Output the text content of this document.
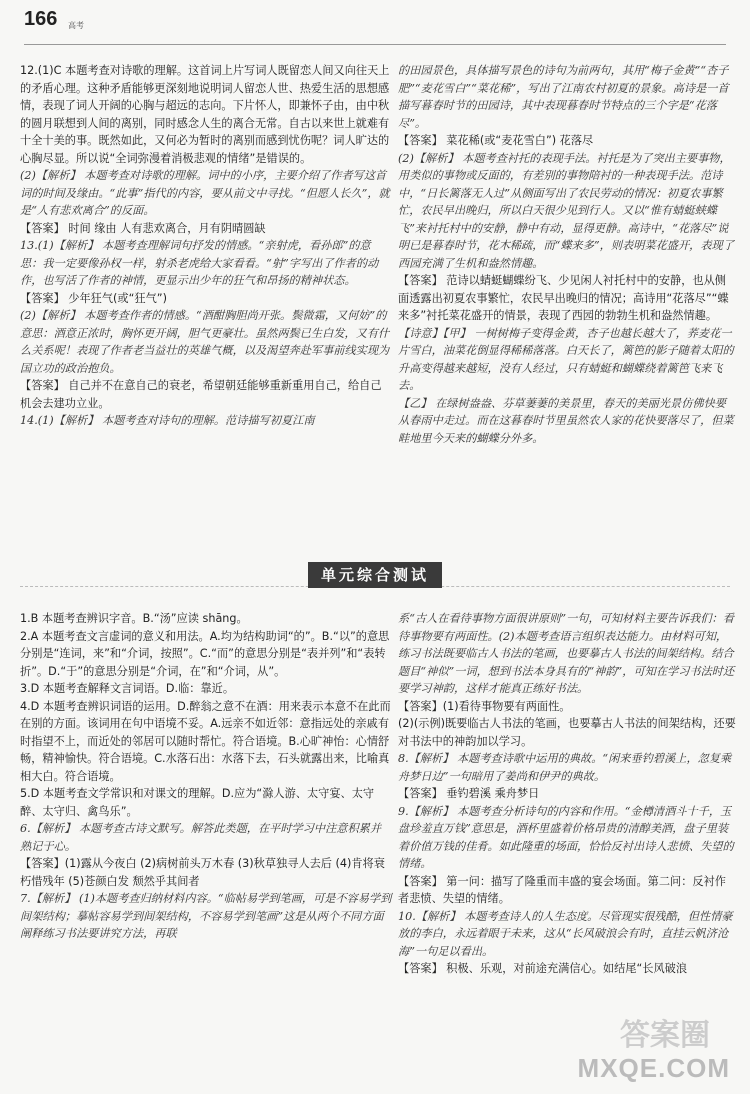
166 高考

12.(1)C 本题考查对诗歌的理解。这首词上片写词人既留恋人间又向往天上的矛盾心理。这种矛盾能够更深刻地说明词人留恋人世、热爱生活的思想感情，表现了词人开阔的心胸与超远的志向。下片怀人，即兼怀子由，由中秋的圆月联想到人间的离别，同时感念人生的离合无常。自古以来世上就难有十全十美的事。既然如此，又何必为暂时的离别而感到忧伤呢？词人旷达的心胸尽显。所以说“全词弥漫着消极悲观的情绪”是错误的。

(2)【解析】 本题考查对诗歌的理解。词中的小序，主要介绍了作者写这首词的时间及缘由。“此事”指代的内容，要从前文中寻找。“但愿人长久”，就是“人有悲欢离合”的反面。

【答案】 时间 缘由 人有悲欢离合，月有阴晴圆缺

13.(1)【解析】 本题考查理解词句抒发的情感。“亲射虎，看孙郎”的意思：我一定要像孙权一样，射杀老虎给大家看看。“射”字写出了作者的动作，也写活了作者的神情，更显示出少年的狂气和昂扬的精神状态。

【答案】 少年狂气(或“狂气”)

(2)【解析】 本题考查作者的情感。“酒酣胸胆尚开张。鬓微霜，又何妨”的意思：酒意正浓时，胸怀更开阔，胆气更豪壮。虽然两鬓已生白发，又有什么关系呢！表现了作者老当益壮的英雄气概，以及渴望奔赴军事前线实现为国立功的政治抱负。

【答案】 自己并不在意自己的衰老，希望朝廷能够重新重用自己，给自己机会去建功立业。

14.(1)【解析】 本题考查对诗句的理解。范诗描写初夏江南

的田园景色，具体描写景色的诗句为前两句，其用“梅子金黄”“杏子肥”“麦花雪白”“菜花稀”，写出了江南农村初夏的景象。高诗是一首描写暮春时节的田园诗，其中表现暮春时节特点的三个字是“花落尽”。

【答案】 菜花稀(或“麦花雪白”) 花落尽

(2)【解析】 本题考查衬托的表现手法。衬托是为了突出主要事物，用类似的事物或反面的，有差别的事物陪衬的一种表现手法。范诗中，“日长篱落无人过”从侧面写出了农民劳动的情况：初夏农事繁忙，农民早出晚归，所以白天很少见到行人。又以“惟有蜻蜓蛱蝶飞”来衬托村中的安静，静中有动，显得更静。高诗中，“花落尽”说明已是暮春时节，花木稀疏，而“蝶来多”，则表明菜花盛开，表现了西园充满了生机和盎然情趣。

【答案】 范诗以蜻蜓蝴蝶纷飞、少见闲人衬托村中的安静，也从侧面透露出初夏农事繁忙，农民早出晚归的情况；高诗用“花落尽”“蝶来多”衬托菜花盛开的情景，表现了西园的勃勃生机和盎然情趣。

【诗意】【甲】 一树树梅子变得金黄，杏子也越长越大了，荞麦花一片雪白，油菜花倒显得稀稀落落。白天长了，篱笆的影子随着太阳的升高变得越来越短，没有人经过，只有蜻蜓和蝴蝶绕着篱笆飞来飞去。

【乙】 在绿树盎盎、芬草萋萋的美景里，春天的美丽光景仿佛快要从春雨中走过。而在这暮春时节里虽然农人家的花快要落尽了，但菜畦地里今天来的蝴蝶分外多。

单元综合测试

1.B 本题考查辨识字音。B.“汤”应读 shāng。

2.A 本题考查文言虚词的意义和用法。A.均为结构助词“的”。B.“以”的意思分别是“连词，来”和“介词，按照”。C.“而”的意思分别是“表并列”和“表转折”。D.“于”的意思分别是“介词，在”和“介词，从”。

3.D 本题考查解释文言词语。D.临：靠近。

4.D 本题考查辨识词语的运用。D.醉翁之意不在酒：用来表示本意不在此而在别的方面。该词用在句中语境不妥。A.远亲不如近邻：意指远处的亲戚有时指望不上，而近处的邻居可以随时帮忙。符合语境。B.心旷神怡：心情舒畅，精神愉快。符合语境。C.水落石出：水落下去，石头就露出来，比喻真相大白。符合语境。

5.D 本题考查文学常识和对课文的理解。D.应为“滁人游、太守宴、太守醉、太守归、禽鸟乐”。

6.【解析】 本题考查古诗文默写。解答此类题，在平时学习中注意积累并熟记于心。

【答案】(1)露从今夜白 (2)病树前头万木春 (3)秋草独寻人去后 (4)肯将衰朽惜残年 (5)苍颜白发 颓然乎其间者

7.【解析】 (1)本题考查归纳材料内容。“临帖易学到笔画，可是不容易学到间架结构；摹帖容易学到间架结构，不容易学到笔画”这是从两个不同方面阐释练习书法要讲究方法，再联

系“古人在看待事物方面很讲原则”一句，可知材料主要告诉我们：看待事物要有两面性。(2)本题考查语言组织表达能力。由材料可知，练习书法既要临古人书法的笔画，也要摹古人书法的间架结构。结合题目“神似”一词，想到书法本身具有的“神韵”，可知在学习书法时还要学习神韵，这样才能真正练好书法。

【答案】(1)看待事物要有两面性。

(2)(示例)既要临古人书法的笔画，也要摹古人书法的间架结构，还要对书法中的神韵加以学习。

8.【解析】 本题考查诗歌中运用的典故。“闲来垂钓碧溪上，忽复乘舟梦日边”一句暗用了姜尚和伊尹的典故。

【答案】 垂钓碧溪 乘舟梦日

9.【解析】 本题考查分析诗句的内容和作用。“金樽清酒斗十千，玉盘珍羞直万钱”意思是，酒杯里盛着价格昂贵的清醇美酒，盘子里装着价值万钱的佳肴。如此隆重的场面，恰恰反衬出诗人悲愤、失望的情绪。

【答案】 第一问：描写了隆重而丰盛的宴会场面。第二问：反衬作者悲愤、失望的情绪。

10.【解析】 本题考查诗人的人生态度。尽管现实很残酷，但性情豪放的李白，永远着眼于未来，这从“长风破浪会有时，直挂云帆济沧海”一句足以看出。

【答案】 积极、乐观，对前途充满信心。如结尾“长风破浪

答案圈
MXQE.COM
